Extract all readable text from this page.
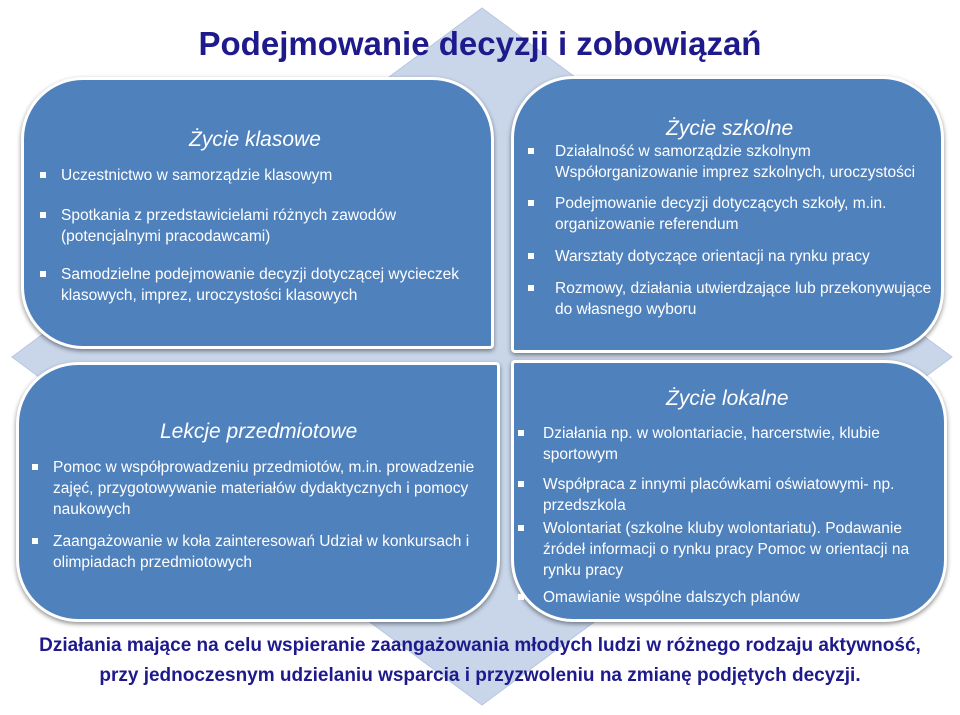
Podejmowanie decyzji i zobowiązań
Życie klasowe
Uczestnictwo w samorządzie klasowym
Spotkania z przedstawicielami różnych zawodów
(potencjalnymi pracodawcami)
Samodzielne podejmowanie decyzji dotyczącej wycieczek
klasowych, imprez, uroczystości klasowych
Życie szkolne
Działalność w samorządzie szkolnym
Współorganizowanie imprez szkolnych, uroczystości
Podejmowanie decyzji dotyczących szkoły, m.in.
organizowanie referendum
Warsztaty dotyczące orientacji na rynku pracy
Rozmowy, działania utwierdzające lub przekonywujące
do własnego wyboru
Lekcje przedmiotowe
Pomoc w współprowadzeniu przedmiotów, m.in. prowadzenie
zajęć, przygotowywanie materiałów dydaktycznych i pomocy
naukowych
Zaangażowanie w koła zainteresowań Udział w konkursach i
olimpiadach przedmiotowych
Życie lokalne
Działania np. w wolontariacie, harcerstwie, klubie
sportowym
Współpraca z innymi placówkami oświatowymi- np.
przedszkola
Wolontariat (szkolne kluby wolontariatu). Podawanie
źródeł informacji o rynku pracy Pomoc w orientacji na
rynku pracy
Omawianie wspólne dalszych planów

Działania mające na celu wspieranie zaangażowania młodych ludzi w różnego rodzaju aktywność,

przy jednoczesnym udzielaniu wsparcia i przyzwoleniu na zmianę podjętych decyzji.
